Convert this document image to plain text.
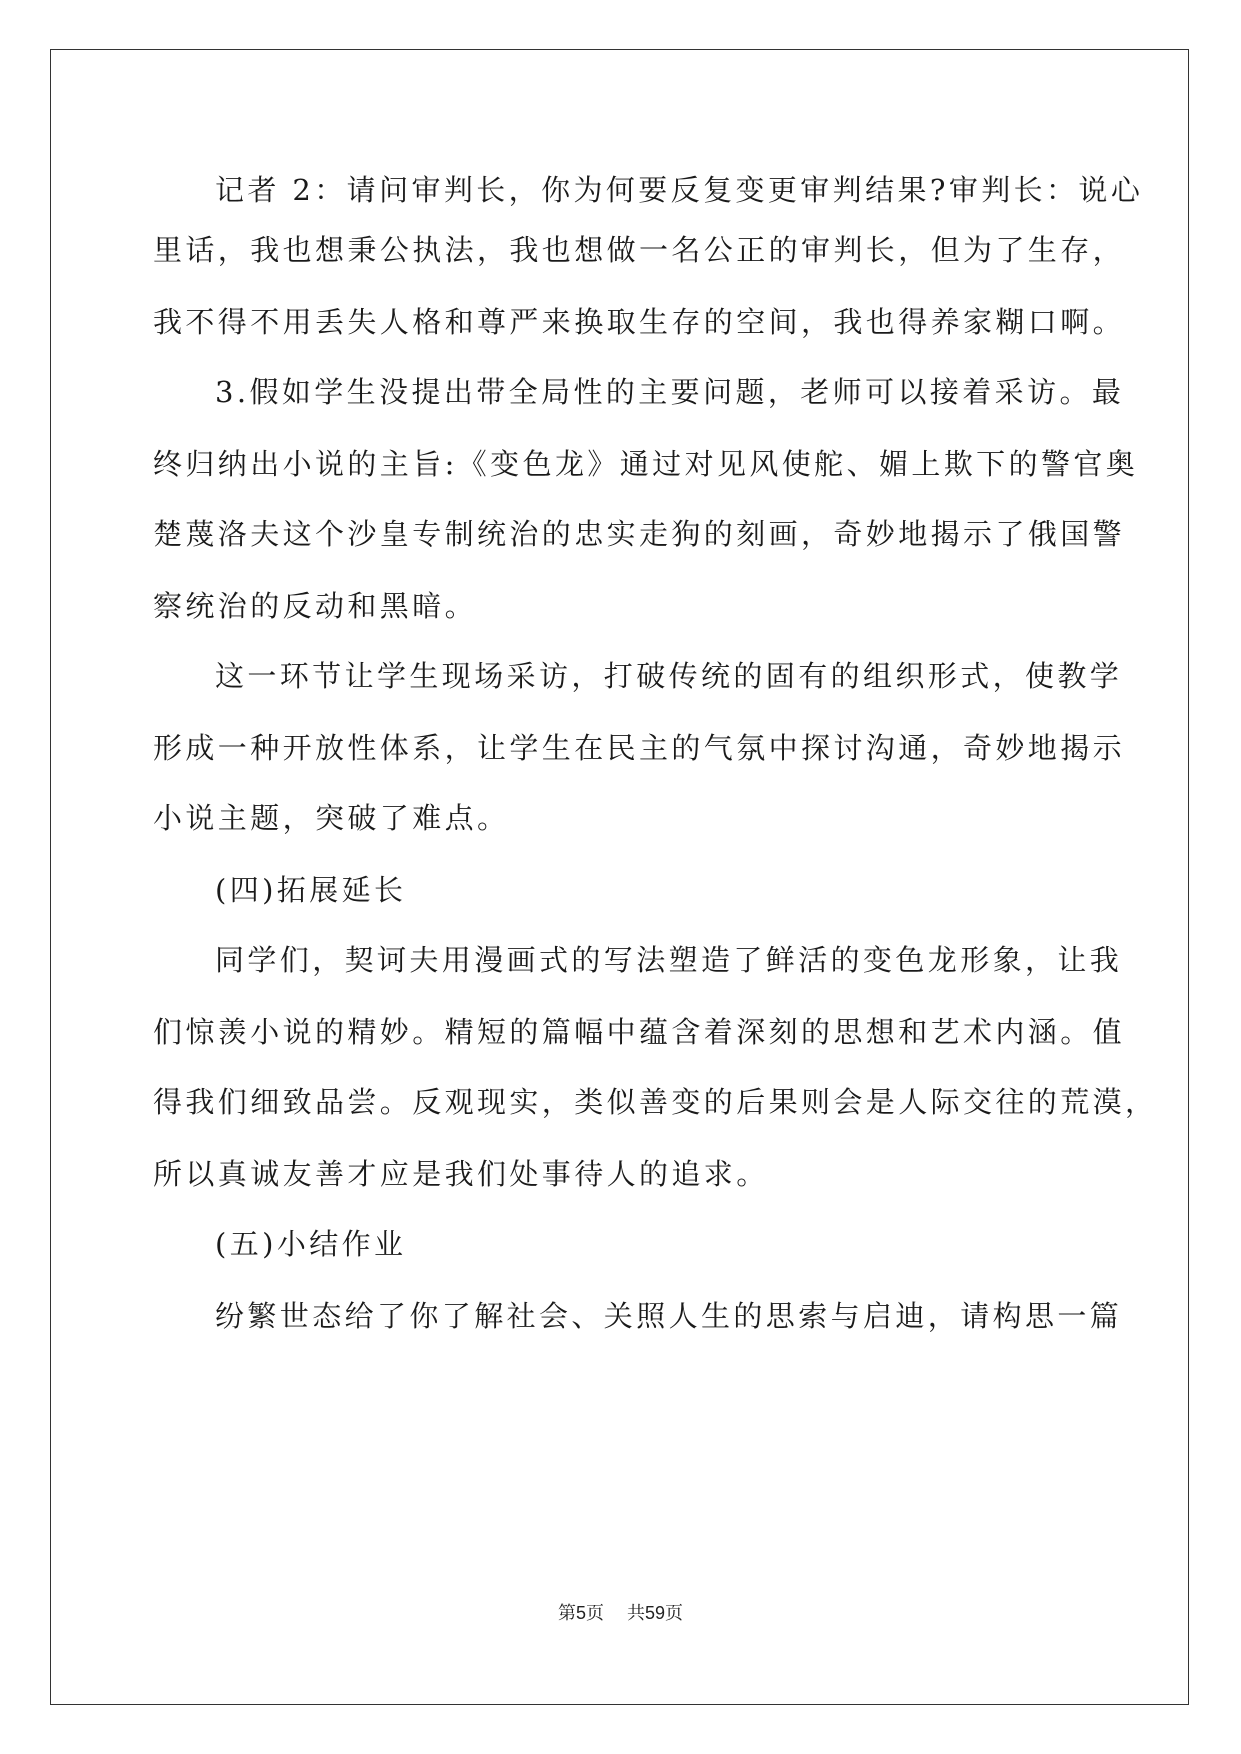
记者 2：请问审判长，你为何要反复变更审判结果?审判长：说心
里话，我也想秉公执法，我也想做一名公正的审判长，但为了生存，
我不得不用丢失人格和尊严来换取生存的空间，我也得养家糊口啊。
3.假如学生没提出带全局性的主要问题，老师可以接着采访。最
终归纳出小说的主旨:《变色龙》通过对见风使舵、媚上欺下的警官奥
楚蔑洛夫这个沙皇专制统治的忠实走狗的刻画，奇妙地揭示了俄国警
察统治的反动和黑暗。
这一环节让学生现场采访，打破传统的固有的组织形式，使教学
形成一种开放性体系，让学生在民主的气氛中探讨沟通，奇妙地揭示
小说主题，突破了难点。
(四)拓展延长
同学们，契诃夫用漫画式的写法塑造了鲜活的变色龙形象，让我
们惊羡小说的精妙。精短的篇幅中蕴含着深刻的思想和艺术内涵。值
得我们细致品尝。反观现实，类似善变的后果则会是人际交往的荒漠，
所以真诚友善才应是我们处事待人的追求。
(五)小结作业
纷繁世态给了你了解社会、关照人生的思索与启迪，请构思一篇
第5页 共59页
